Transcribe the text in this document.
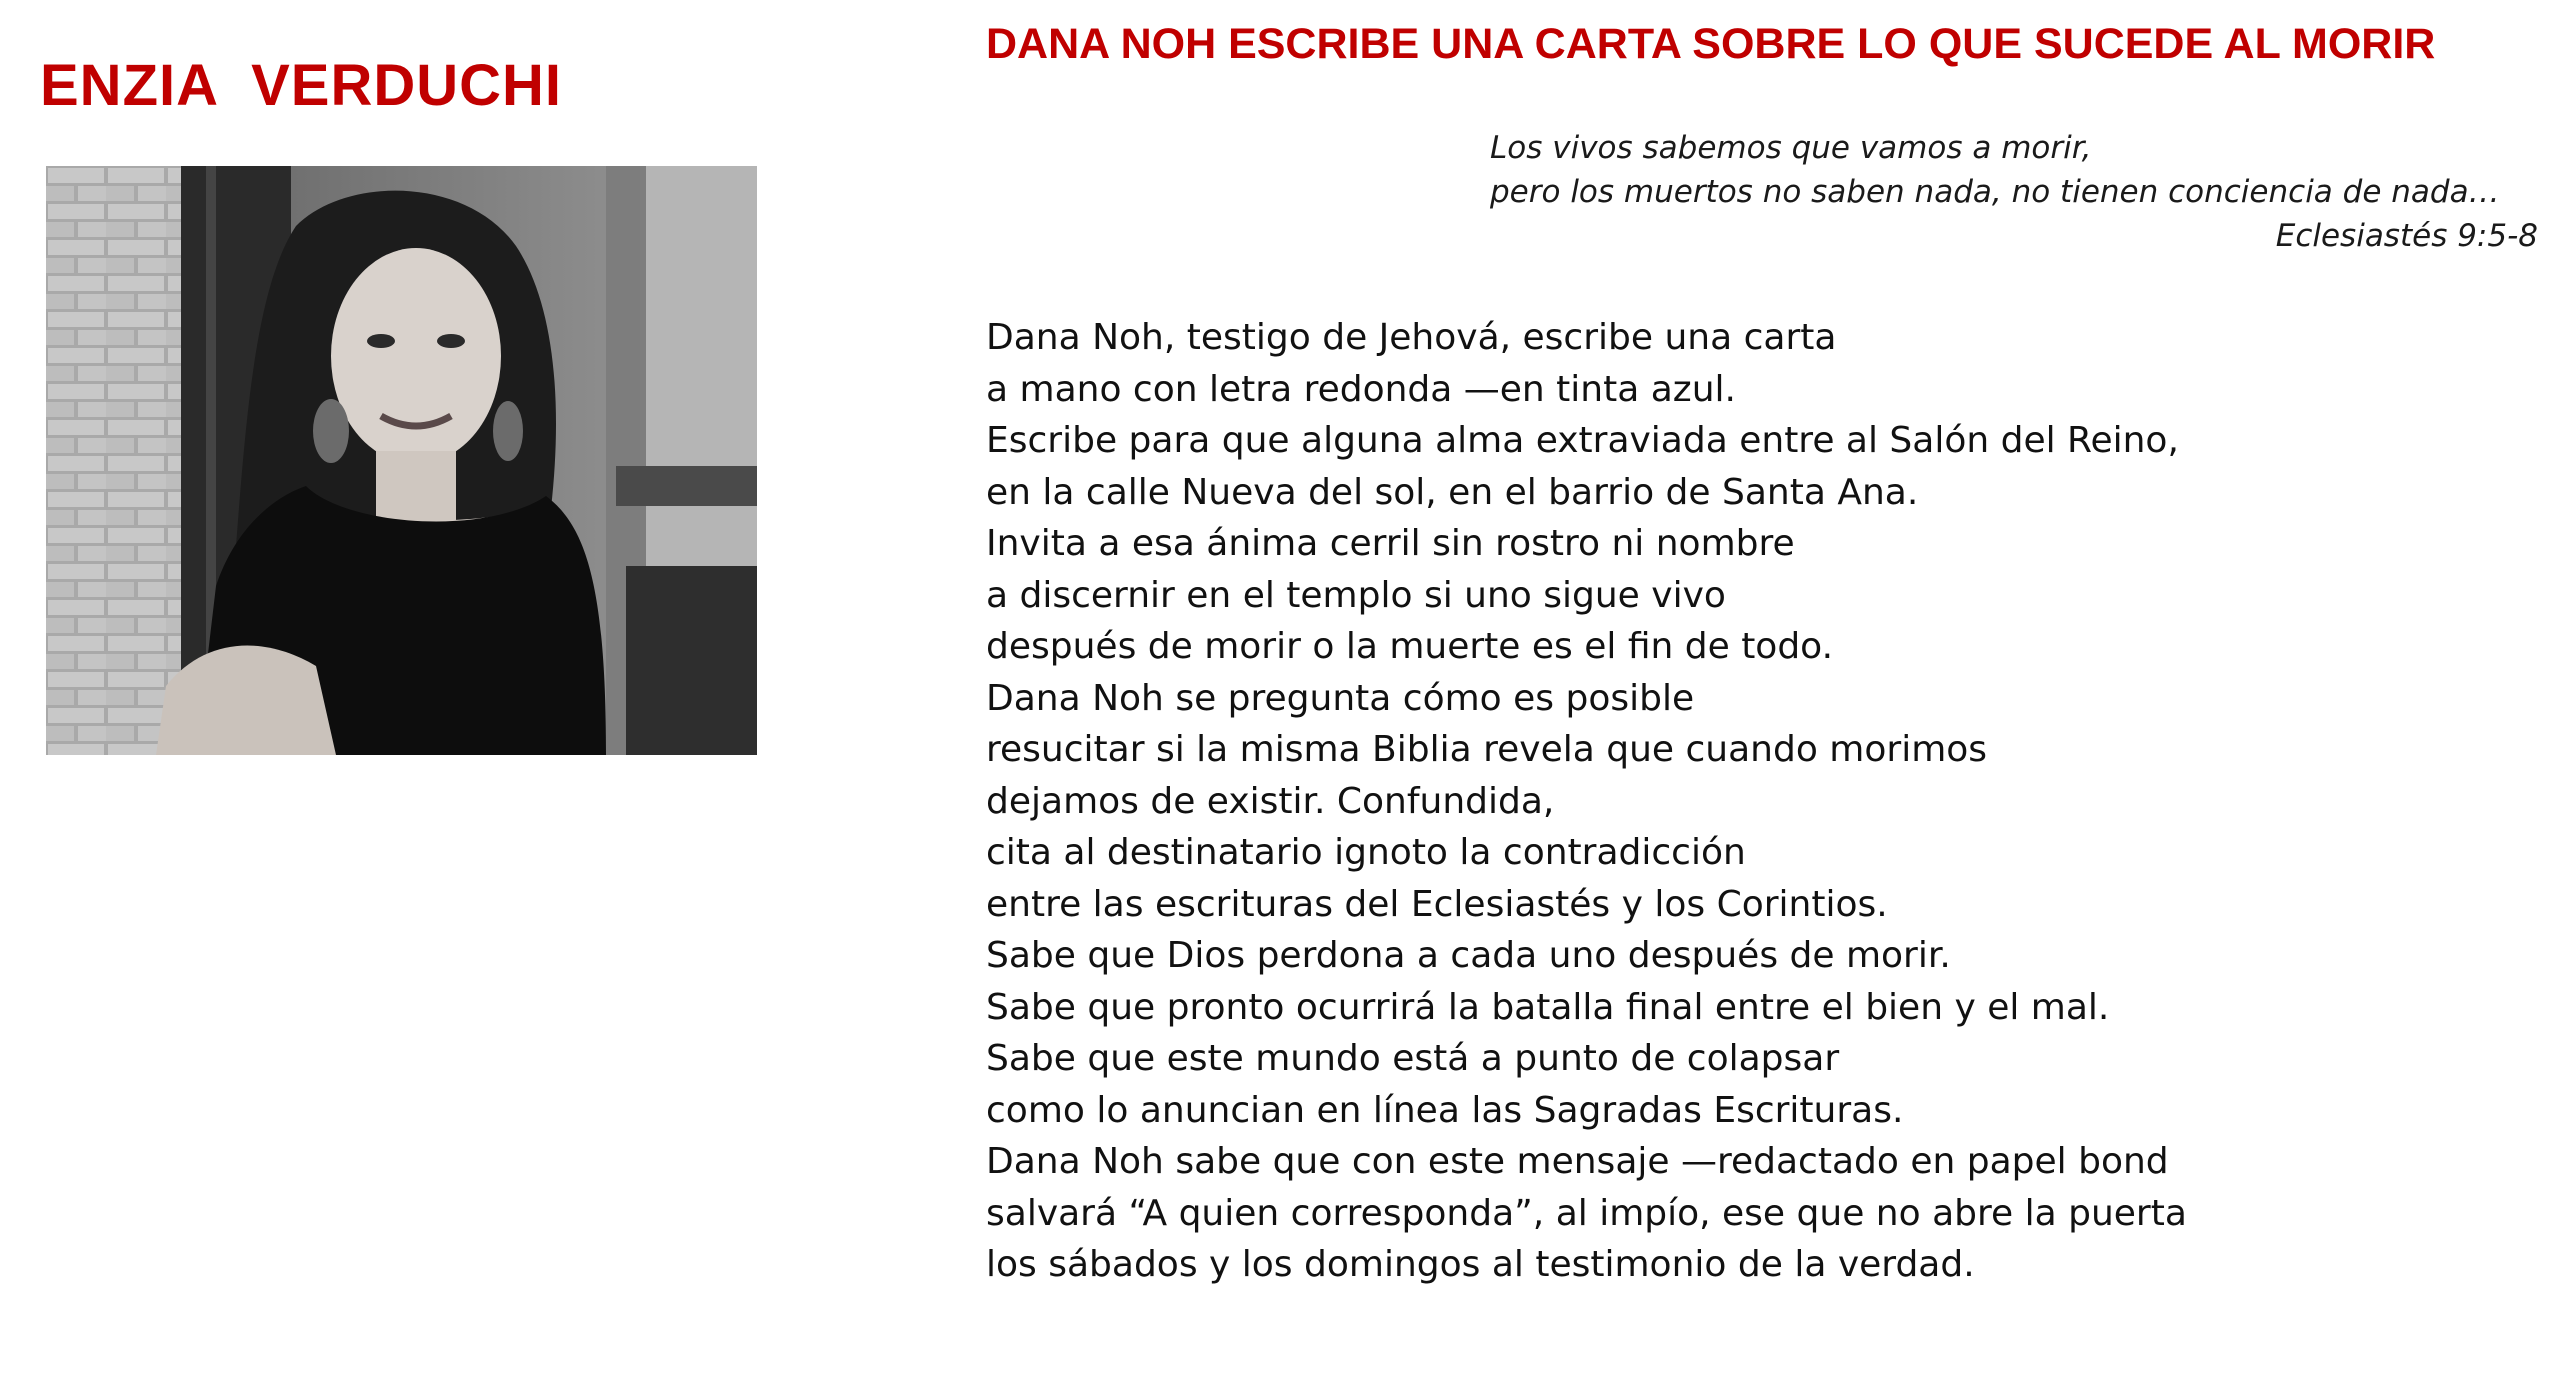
ENZIA  VERDUCHI
DANA NOH ESCRIBE UNA CARTA SOBRE LO QUE SUCEDE AL MORIR
Los vivos sabemos que vamos a morir,
pero los muertos no saben nada, no tienen conciencia de nada…
Eclesiastés 9:5-8
Dana Noh, testigo de Jehová, escribe una carta
a mano con letra redonda —en tinta azul.
Escribe para que alguna alma extraviada entre al Salón del Reino,
en la calle Nueva del sol, en el barrio de Santa Ana.
Invita a esa ánima cerril sin rostro ni nombre
a discernir en el templo si uno sigue vivo
después de morir o la muerte es el fin de todo.
Dana Noh se pregunta cómo es posible
resucitar si la misma Biblia revela que cuando morimos
dejamos de existir. Confundida,
cita al destinatario ignoto la contradicción
entre las escrituras del Eclesiastés y los Corintios.
Sabe que Dios perdona a cada uno después de morir.
Sabe que pronto ocurrirá la batalla final entre el bien y el mal.
Sabe que este mundo está a punto de colapsar
como lo anuncian en línea las Sagradas Escrituras.
Dana Noh sabe que con este mensaje —redactado en papel bond
salvará “A quien corresponda”, al impío, ese que no abre la puerta
los sábados y los domingos al testimonio de la verdad.
